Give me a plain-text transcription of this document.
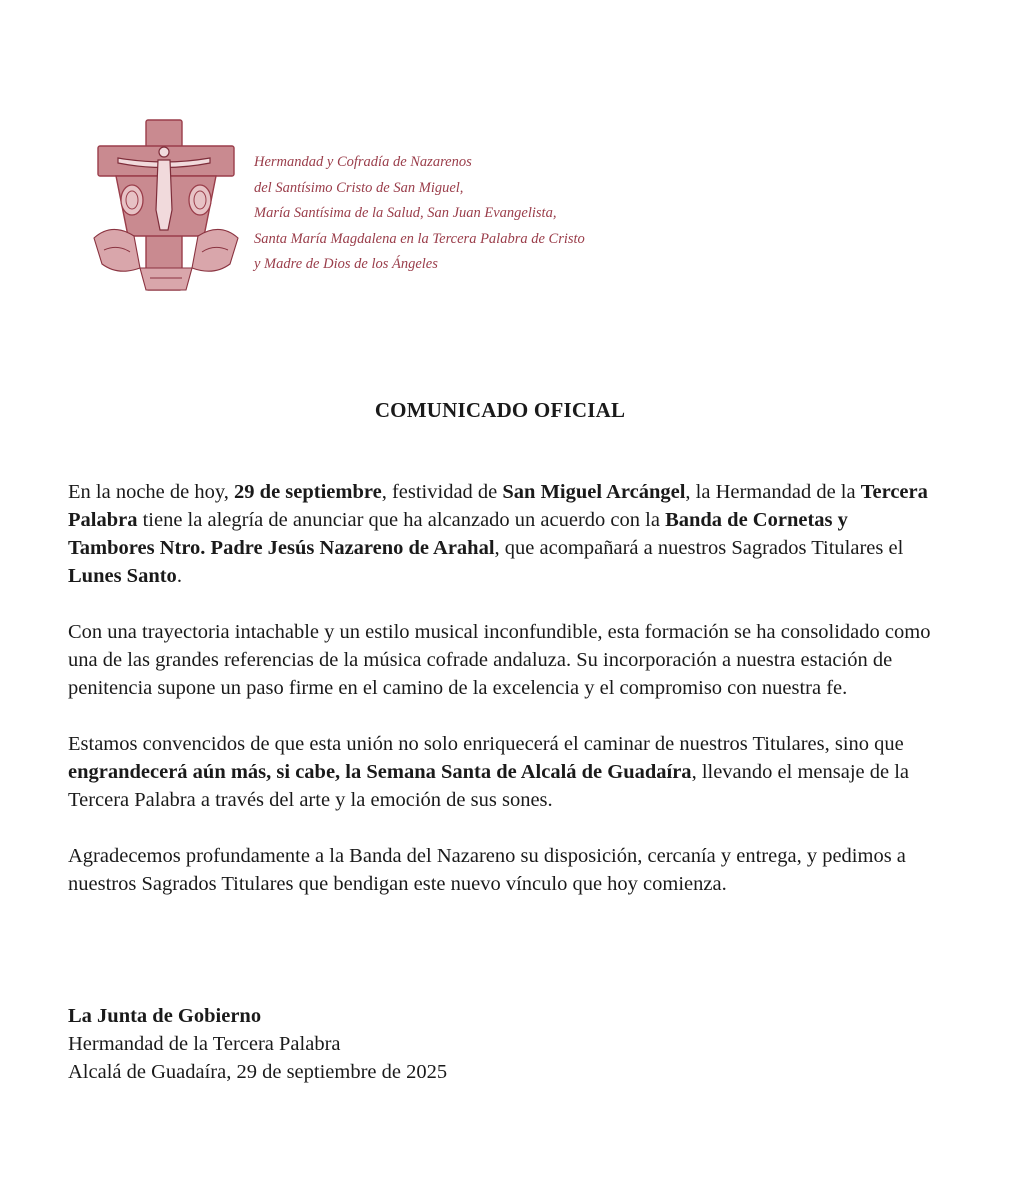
Hermandad y Cofradía de Nazarenos
del Santísimo Cristo de San Miguel,
María Santísima de la Salud, San Juan Evangelista,
Santa María Magdalena en la Tercera Palabra de Cristo
y Madre de Dios de los Ángeles
COMUNICADO OFICIAL

En la noche de hoy, 29 de septiembre, festividad de San Miguel Arcángel, la Hermandad de la Tercera Palabra tiene la alegría de anunciar que ha alcanzado un acuerdo con la Banda de Cornetas y Tambores Ntro. Padre Jesús Nazareno de Arahal, que acompañará a nuestros Sagrados Titulares el Lunes Santo.

Con una trayectoria intachable y un estilo musical inconfundible, esta formación se ha consolidado como una de las grandes referencias de la música cofrade andaluza. Su incorporación a nuestra estación de penitencia supone un paso firme en el camino de la excelencia y el compromiso con nuestra fe.

Estamos convencidos de que esta unión no solo enriquecerá el caminar de nuestros Titulares, sino que engrandecerá aún más, si cabe, la Semana Santa de Alcalá de Guadaíra, llevando el mensaje de la Tercera Palabra a través del arte y la emoción de sus sones.

Agradecemos profundamente a la Banda del Nazareno su disposición, cercanía y entrega, y pedimos a nuestros Sagrados Titulares que bendigan este nuevo vínculo que hoy comienza.

La Junta de Gobierno
Hermandad de la Tercera Palabra
Alcalá de Guadaíra, 29 de septiembre de 2025
